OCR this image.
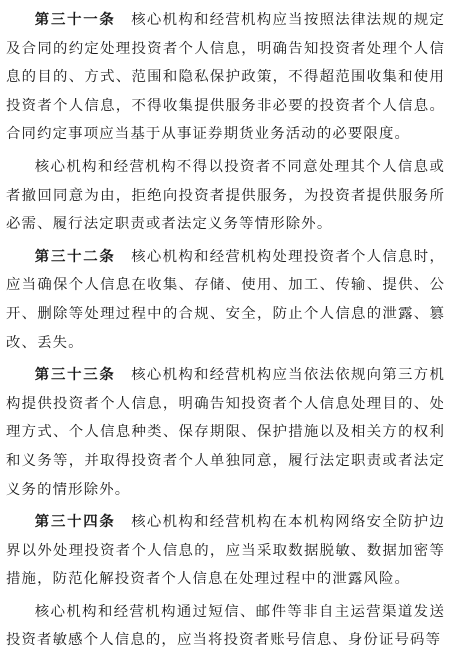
第三十一条　 核心机构和经营机构应当按照法律法规的规定及合同的约定处理投资者个人信息，明确告知投资者处理个人信息的目的、方式、范围和隐私保护政策，不得超范围收集和使用投资者个人信息，不得收集提供服务非必要的投资者个人信息。合同约定事项应当基于从事证券期货业务活动的必要限度。

核心机构和经营机构不得以投资者不同意处理其个人信息或者撤回同意为由，拒绝向投资者提供服务，为投资者提供服务所必需、履行法定职责或者法定义务等情形除外。

第三十二条　 核心机构和经营机构处理投资者个人信息时，应当确保个人信息在收集、存储、使用、加工、传输、提供、公开、删除等处理过程中的合规、安全，防止个人信息的泄露、篡改、丢失。

第三十三条　 核心机构和经营机构应当依法依规向第三方机构提供投资者个人信息，明确告知投资者个人信息处理目的、处理方式、个人信息种类、保存期限、保护措施以及相关方的权利和义务等，并取得投资者个人单独同意，履行法定职责或者法定义务的情形除外。

第三十四条　 核心机构和经营机构在本机构网络安全防护边界以外处理投资者个人信息的，应当采取数据脱敏、数据加密等措施，防范化解投资者个人信息在处理过程中的泄露风险。

核心机构和经营机构通过短信、邮件等非自主运营渠道发送投资者敏感个人信息的，应当将投资者账号信息、身份证号码等
